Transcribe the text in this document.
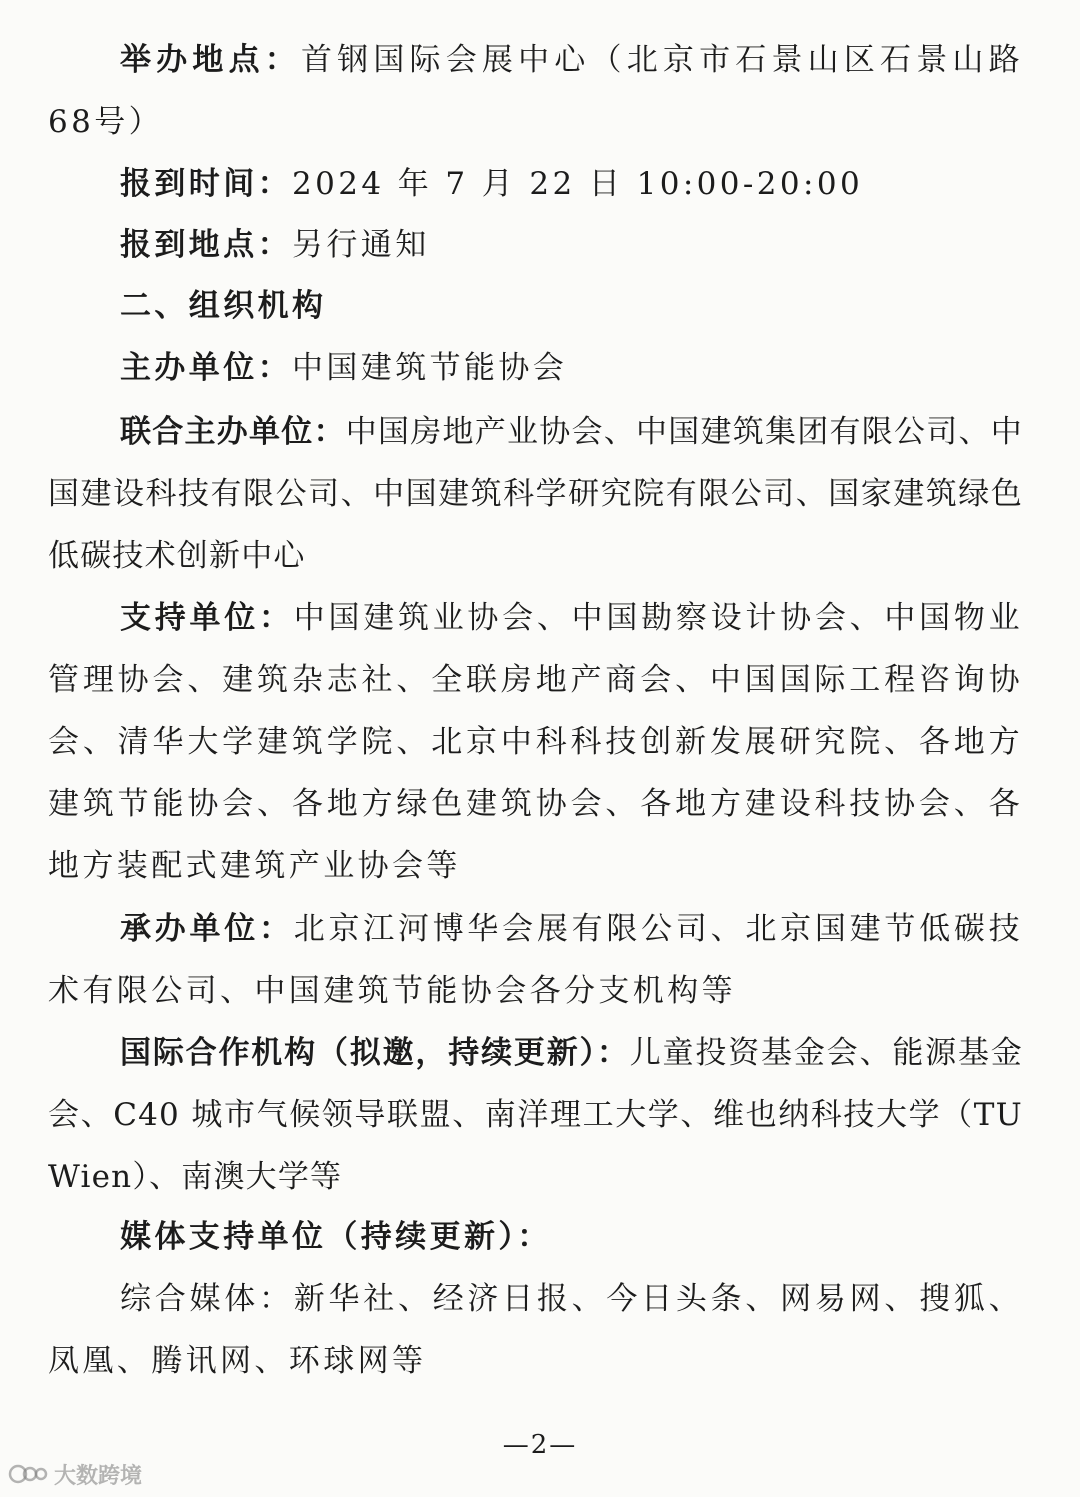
举办地点：首钢国际会展中心（北京市石景山区石景山路68号）

报到时间：2024 年 7 月 22 日 10:00-20:00

报到地点：另行通知

二、组织机构

主办单位：中国建筑节能协会

联合主办单位：中国房地产业协会、中国建筑集团有限公司、中国建设科技有限公司、中国建筑科学研究院有限公司、国家建筑绿色低碳技术创新中心

支持单位：中国建筑业协会、中国勘察设计协会、中国物业管理协会、建筑杂志社、全联房地产商会、中国国际工程咨询协会、清华大学建筑学院、北京中科科技创新发展研究院、各地方建筑节能协会、各地方绿色建筑协会、各地方建设科技协会、各地方装配式建筑产业协会等

承办单位：北京江河博华会展有限公司、北京国建节低碳技术有限公司、中国建筑节能协会各分支机构等

国际合作机构（拟邀，持续更新）：儿童投资基金会、能源基金会、C40 城市气候领导联盟、南洋理工大学、维也纳科技大学（TU Wien）、南澳大学等

媒体支持单位（持续更新）：

综合媒体：新华社、经济日报、今日头条、网易网、搜狐、凤凰、腾讯网、环球网等

—2—
大数跨境
